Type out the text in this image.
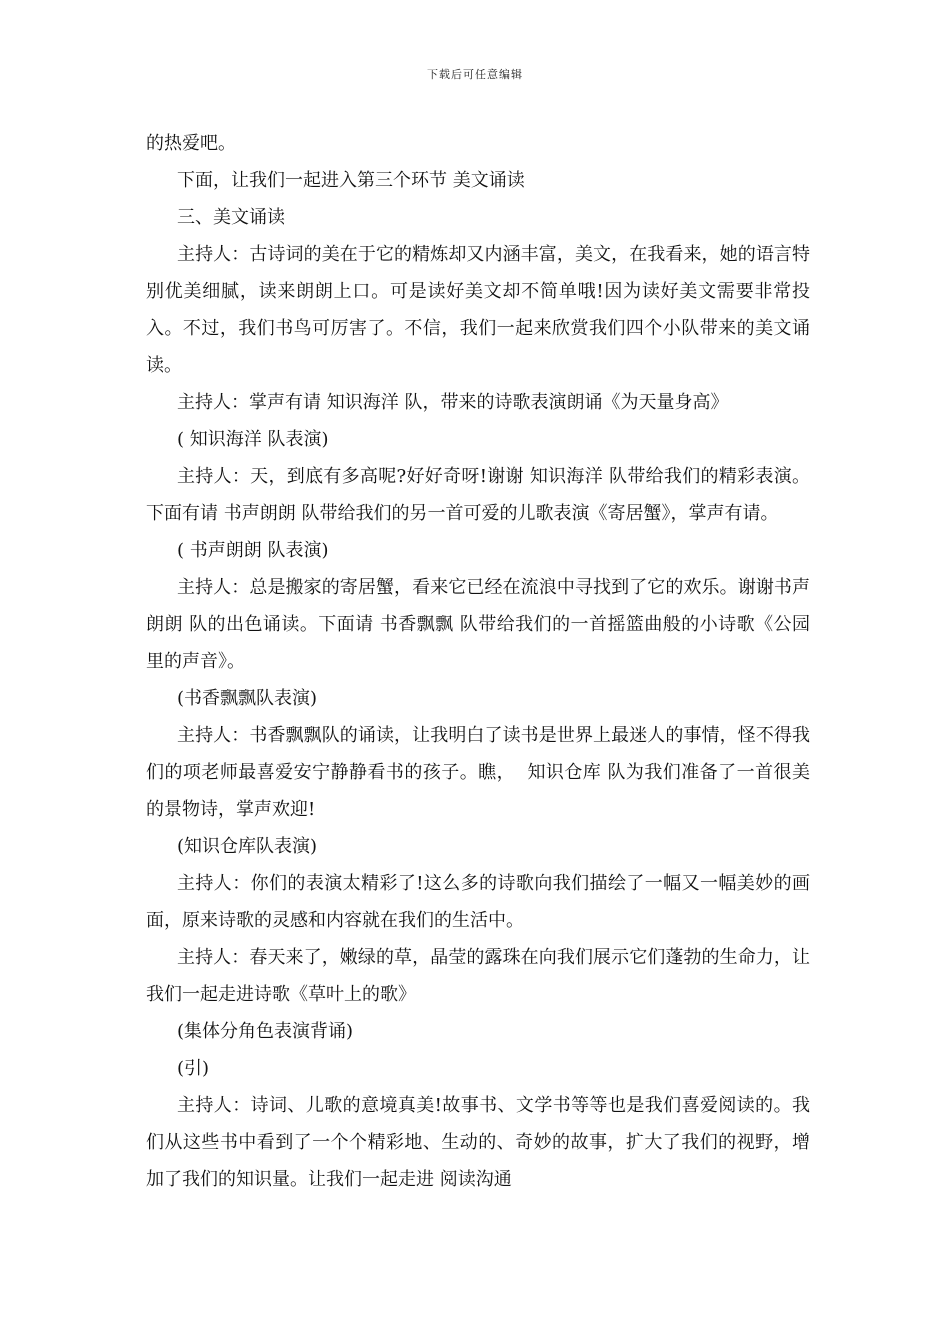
下载后可任意编辑

的热爱吧。

下面，让我们一起进入第三个环节 美文诵读

三、美文诵读

主持人：古诗词的美在于它的精炼却又内涵丰富，美文，在我看来，她的语言特别优美细腻，读来朗朗上口。可是读好美文却不简单哦!因为读好美文需要非常投入。不过，我们书鸟可厉害了。不信，我们一起来欣赏我们四个小队带来的美文诵读。

主持人：掌声有请 知识海洋 队，带来的诗歌表演朗诵《为天量身高》

( 知识海洋 队表演)

主持人：天，到底有多高呢?好好奇呀!谢谢 知识海洋 队带给我们的精彩表演。下面有请 书声朗朗 队带给我们的另一首可爱的儿歌表演《寄居蟹》，掌声有请。

( 书声朗朗 队表演)

主持人：总是搬家的寄居蟹，看来它已经在流浪中寻找到了它的欢乐。谢谢书声朗朗 队的出色诵读。下面请 书香飘飘 队带给我们的一首摇篮曲般的小诗歌《公园里的声音》。

(书香飘飘队表演)

主持人：书香飘飘队的诵读，让我明白了读书是世界上最迷人的事情，怪不得我们的项老师最喜爱安宁静静看书的孩子。瞧，  知识仓库 队为我们准备了一首很美的景物诗，掌声欢迎!

(知识仓库队表演)

主持人：你们的表演太精彩了!这么多的诗歌向我们描绘了一幅又一幅美妙的画面，原来诗歌的灵感和内容就在我们的生活中。

主持人：春天来了，嫩绿的草，晶莹的露珠在向我们展示它们蓬勃的生命力，让我们一起走进诗歌《草叶上的歌》

(集体分角色表演背诵)

(引)

主持人：诗词、儿歌的意境真美!故事书、文学书等等也是我们喜爱阅读的。我们从这些书中看到了一个个精彩地、生动的、奇妙的故事，扩大了我们的视野，增加了我们的知识量。让我们一起走进 阅读沟通
